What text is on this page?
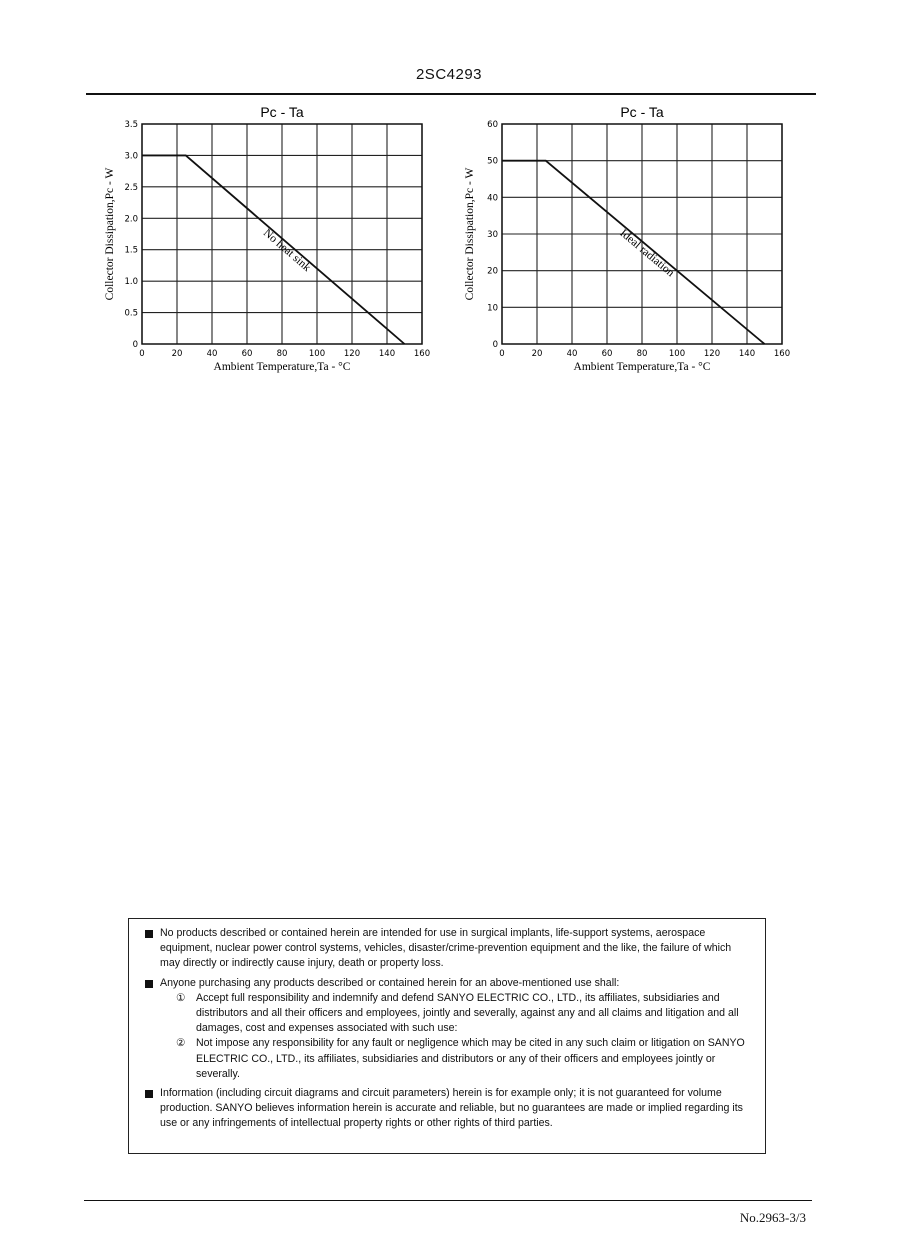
2SC4293
Pc - Ta
0	20	40	60	80	100 120 140 160
0
0.5
1.0
1.5
2.0
2.5
3.0
3.5
No heat sink
Ambient Temperature,Ta - °C
Collector Dissipation,Pc - W
Pc - Ta
0	20	40	60	80	100 120 140 160
0
10
20
30
40
50
60
Ideal radiation
Ambient Temperature,Ta - °C
Collector Dissipation,Pc - W
No products described or contained herein are intended for use in surgical implants, life-support systems, aerospace equipment, nuclear power control systems, vehicles, disaster/crime-prevention equipment and the like, the failure of which may directly or indirectly cause injury, death or property loss.
Anyone purchasing any products described or contained herein for an above-mentioned use shall:
① Accept full responsibility and indemnify and defend SANYO ELECTRIC CO., LTD., its affiliates, subsidiaries and distributors and all their officers and employees, jointly and severally, against any and all claims and litigation and all damages, cost and expenses associated with such use:
② Not impose any responsibility for any fault or negligence which may be cited in any such claim or litigation on SANYO ELECTRIC CO., LTD., its affiliates, subsidiaries and distributors or any of their officers and employees jointly or severally.
Information (including circuit diagrams and circuit parameters) herein is for example only; it is not guaranteed for volume production. SANYO believes information herein is accurate and reliable, but no guarantees are made or implied regarding its use or any infringements of intellectual property rights or other rights of third parties.
No.2963-3/3
